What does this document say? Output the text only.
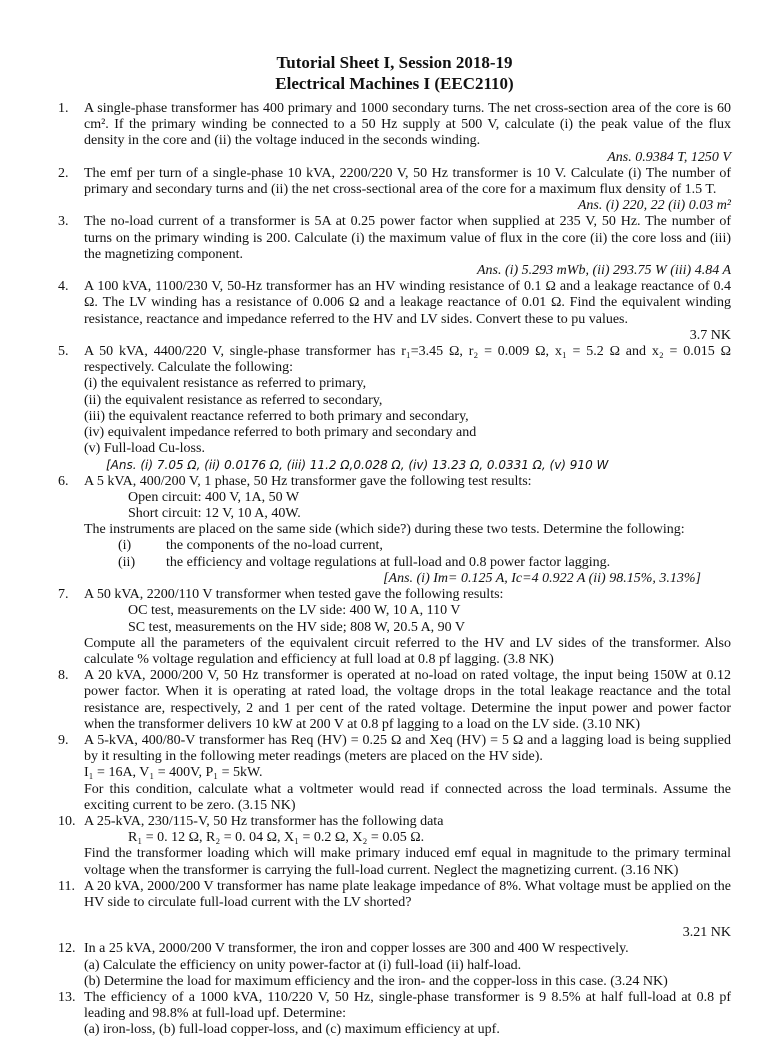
Tutorial Sheet I, Session 2018-19
Electrical Machines I (EEC2110)
1. A single-phase transformer has 400 primary and 1000 secondary turns. The net cross-section area of the core is 60 cm². If the primary winding be connected to a 50 Hz supply at 500 V, calculate (i) the peak value of the flux density in the core and (ii) the voltage induced in the seconds winding.
Ans. 0.9384 T, 1250 V
2. The emf per turn of a single-phase 10 kVA, 2200/220 V, 50 Hz transformer is 10 V. Calculate (i) The number of primary and secondary turns and (ii) the net cross-sectional area of the core for a maximum flux density of 1.5 T.
Ans. (i) 220, 22 (ii) 0.03 m²
3. The no-load current of a transformer is 5A at 0.25 power factor when supplied at 235 V, 50 Hz. The number of turns on the primary winding is 200. Calculate (i) the maximum value of flux in the core (ii) the core loss and (iii) the magnetizing component.
Ans. (i) 5.293 mWb, (ii) 293.75 W (iii) 4.84 A
4. A 100 kVA, 1100/230 V, 50-Hz transformer has an HV winding resistance of 0.1 Ω and a leakage reactance of 0.4 Ω. The LV winding has a resistance of 0.006 Ω and a leakage reactance of 0.01 Ω. Find the equivalent winding resistance, reactance and impedance referred to the HV and LV sides. Convert these to pu values.
3.7 NK
5. A 50 kVA, 4400/220 V, single-phase transformer has r₁=3.45 Ω, r₂ = 0.009 Ω, x₁ = 5.2 Ω and x₂ = 0.015 Ω respectively. Calculate the following:
(i) the equivalent resistance as referred to primary,
(ii) the equivalent resistance as referred to secondary,
(iii) the equivalent reactance referred to both primary and secondary,
(iv) equivalent impedance referred to both primary and secondary and
(v) Full-load Cu-loss.
[Ans. (i) 7.05 Ω, (ii) 0.0176 Ω, (iii) 11.2 Ω,0.028 Ω, (iv) 13.23 Ω, 0.0331 Ω, (v) 910 W
6. A 5 kVA, 400/200 V, 1 phase, 50 Hz transformer gave the following test results:
Open circuit: 400 V, 1A, 50 W
Short circuit: 12 V, 10 A, 40W.
The instruments are placed on the same side (which side?) during these two tests. Determine the following:
(i)	the components of the no-load current,
(ii)	the efficiency and voltage regulations at full-load and 0.8 power factor lagging.
[Ans. (i) Im= 0.125 A, Ic=4 0.922 A (ii) 98.15%, 3.13%]
7. A 50 kVA, 2200/110 V transformer when tested gave the following results:
OC test, measurements on the LV side: 400 W, 10 A, 110 V
SC test, measurements on the HV side; 808 W, 20.5 A, 90 V
Compute all the parameters of the equivalent circuit referred to the HV and LV sides of the transformer. Also calculate % voltage regulation and efficiency at full load at 0.8 pf lagging. (3.8 NK)
8. A 20 kVA, 2000/200 V, 50 Hz transformer is operated at no-load on rated voltage, the input being 150W at 0.12 power factor. When it is operating at rated load, the voltage drops in the total leakage reactance and the total resistance are, respectively, 2 and 1 per cent of the rated voltage. Determine the input power and power factor when the transformer delivers 10 kW at 200 V at 0.8 pf lagging to a load on the LV side. (3.10 NK)
9. A 5-kVA, 400/80-V transformer has Req (HV) = 0.25 Ω and Xeq (HV) = 5 Ω and a lagging load is being supplied by it resulting in the following meter readings (meters are placed on the HV side).
I₁ = 16A, V₁ = 400V, P₁ = 5kW.
For this condition, calculate what a voltmeter would read if connected across the load terminals. Assume the exciting current to be zero. (3.15 NK)
10. A 25-kVA, 230/115-V, 50 Hz transformer has the following data
R₁ = 0. 12 Ω, R₂ = 0. 04 Ω, X₁ = 0.2 Ω, X₂ = 0.05 Ω.
Find the transformer loading which will make primary induced emf equal in magnitude to the primary terminal voltage when the transformer is carrying the full-load current. Neglect the magnetizing current. (3.16 NK)
11. A 20 kVA, 2000/200 V transformer has name plate leakage impedance of 8%. What voltage must be applied on the HV side to circulate full-load current with the LV shorted?
3.21 NK
12. In a 25 kVA, 2000/200 V transformer, the iron and copper losses are 300 and 400 W respectively.
(a) Calculate the efficiency on unity power-factor at (i) full-load (ii) half-load.
(b) Determine the load for maximum efficiency and the iron- and the copper-loss in this case. (3.24 NK)
13. The efficiency of a 1000 kVA, 110/220 V, 50 Hz, single-phase transformer is 9 8.5% at half full-load at 0.8 pf leading and 98.8% at full-load upf. Determine:
(a) iron-loss, (b) full-load copper-loss, and (c) maximum efficiency at upf.
